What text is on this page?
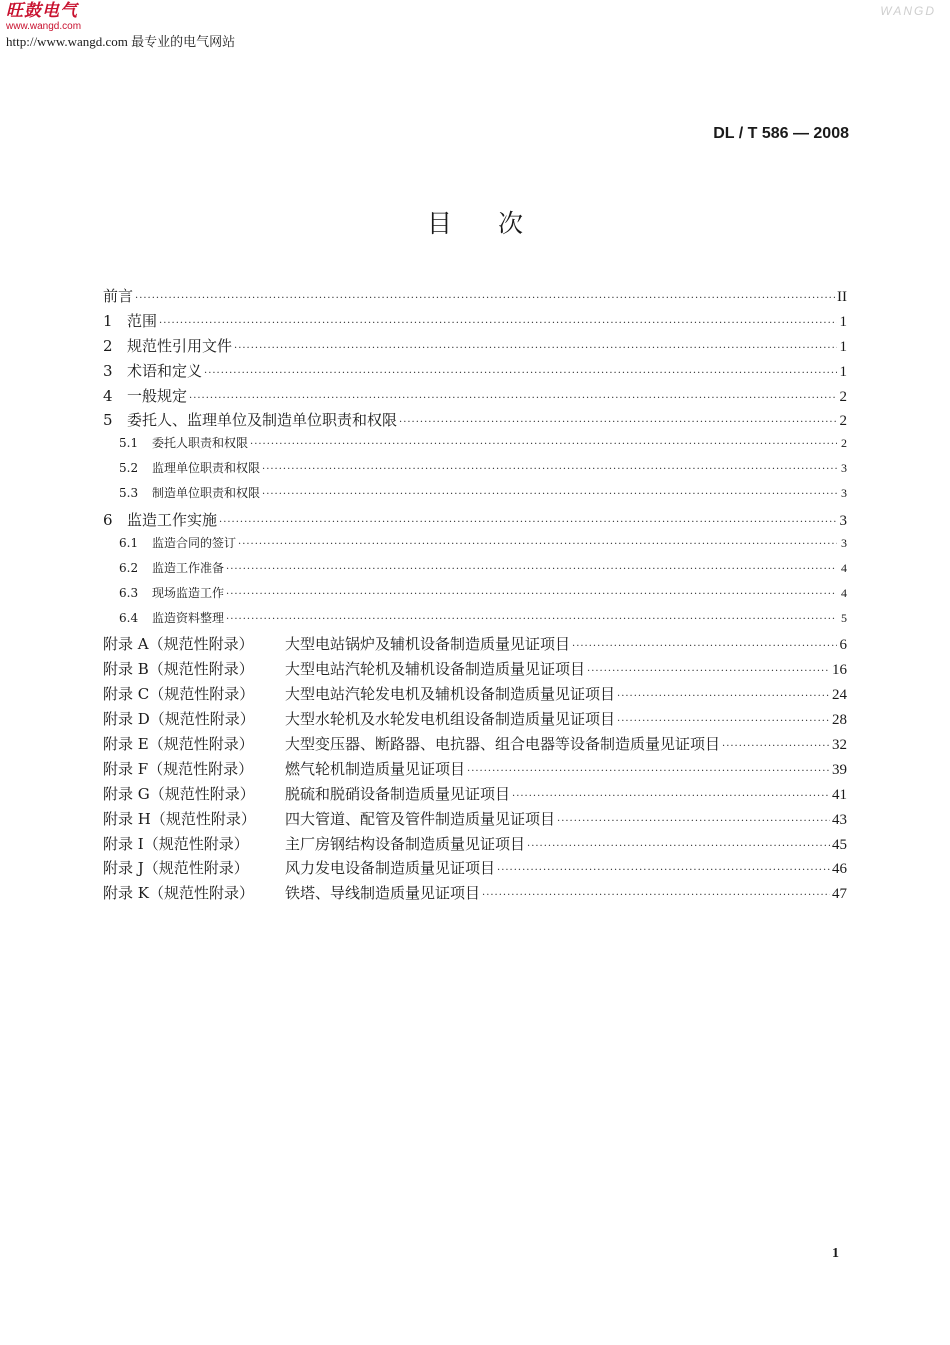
旺鼓电气
www.wangd.com
http://www.wangd.com 最专业的电气网站
WANGD
DL / T 586 — 2008
目次
前言 ·····	II
1 范围 ·····	1
2 规范性引用文件 ·····	1
3 术语和定义 ·····	1
4 一般规定 ·····	2
5 委托人、监理单位及制造单位职责和权限 ·····	2
5.1	委托人职责和权限 ·····	2
5.2	监理单位职责和权限 ·····	3
5.3	制造单位职责和权限 ·····	3
6 监造工作实施 ·····	3
6.1	监造合同的签订 ·····	3
6.2	监造工作准备 ·····	4
6.3	现场监造工作 ·····	4
6.4	监造资料整理 ·····	5
附录 A（规范性附录）	大型电站锅炉及辅机设备制造质量见证项目 ·····	6
附录 B（规范性附录）	大型电站汽轮机及辅机设备制造质量见证项目 ·····	16
附录 C（规范性附录）	大型电站汽轮发电机及辅机设备制造质量见证项目 ·····	24
附录 D（规范性附录）	大型水轮机及水轮发电机组设备制造质量见证项目 ·····	28
附录 E（规范性附录）	大型变压器、断路器、电抗器、组合电器等设备制造质量见证项目 ·····	32
附录 F（规范性附录）	燃气轮机制造质量见证项目 ·····	39
附录 G（规范性附录）	脱硫和脱硝设备制造质量见证项目 ·····	41
附录 H（规范性附录）	四大管道、配管及管件制造质量见证项目 ·····	43
附录 I（规范性附录）	主厂房钢结构设备制造质量见证项目 ·····	45
附录 J（规范性附录）	风力发电设备制造质量见证项目 ·····	46
附录 K（规范性附录）	铁塔、导线制造质量见证项目 ·····	47
1
